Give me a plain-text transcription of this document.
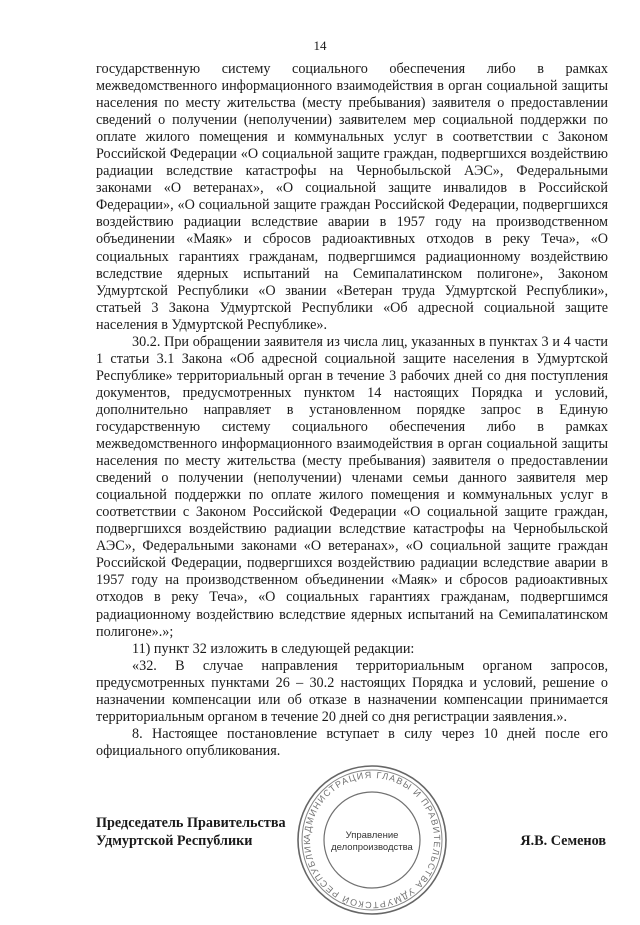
14

государственную систему социального обеспечения либо в рамках межведомственного информационного взаимодействия в орган социальной защиты населения по месту жительства (месту пребывания) заявителя о предоставлении сведений о получении (неполучении) заявителем мер социальной поддержки по оплате жилого помещения и коммунальных услуг в соответствии с Законом Российской Федерации «О социальной защите граждан, подвергшихся воздействию радиации вследствие катастрофы на Чернобыльской АЭС», Федеральными законами «О ветеранах», «О социальной защите инвалидов в Российской Федерации», «О социальной защите граждан Российской Федерации, подвергшихся воздействию радиации вследствие аварии в 1957 году на производственном объединении «Маяк» и сбросов радиоактивных отходов в реку Теча», «О социальных гарантиях гражданам, подвергшимся радиационному воздействию вследствие ядерных испытаний на Семипалатинском полигоне», Законом Удмуртской Республики «О звании «Ветеран труда Удмуртской Республики», статьей 3 Закона Удмуртской Республики «Об адресной социальной защите населения в Удмуртской Республике».

30.2. При обращении заявителя из числа лиц, указанных в пунктах 3 и 4 части 1 статьи 3.1 Закона «Об адресной социальной защите населения в Удмуртской Республике» территориальный орган в течение 3 рабочих дней со дня поступления документов, предусмотренных пунктом 14 настоящих Порядка и условий, дополнительно направляет в установленном порядке запрос в Единую государственную систему социального обеспечения либо в рамках межведомственного информационного взаимодействия в орган социальной защиты населения по месту жительства (месту пребывания) заявителя о предоставлении сведений о получении (неполучении) членами семьи данного заявителя мер социальной поддержки по оплате жилого помещения и коммунальных услуг в соответствии с Законом Российской Федерации «О социальной защите граждан, подвергшихся воздействию радиации вследствие катастрофы на Чернобыльской АЭС», Федеральными законами «О ветеранах», «О социальной защите граждан Российской Федерации, подвергшихся воздействию радиации вследствие аварии в 1957 году на производственном объединении «Маяк» и сбросов радиоактивных отходов в реку Теча», «О социальных гарантиях гражданам, подвергшимся радиационному воздействию вследствие ядерных испытаний на Семипалатинском полигоне».»;

11) пункт 32 изложить в следующей редакции:

«32. В случае направления территориальным органом запросов, предусмотренных пунктами 26 – 30.2 настоящих Порядка и условий, решение о назначении компенсации или об отказе в назначении компенсации принимается территориальным органом в течение 20 дней со дня регистрации заявления.».

8. Настоящее постановление вступает в силу через 10 дней после его официального опубликования.

АДМИНИСТРАЦИЯ ГЛАВЫ И ПРАВИТЕЛЬСТВА УДМУРТСКОЙ РЕСПУБЛИК
Управление
делопроизводства
Председатель Правительства
Удмуртской Республики	Я.В. Семенов
